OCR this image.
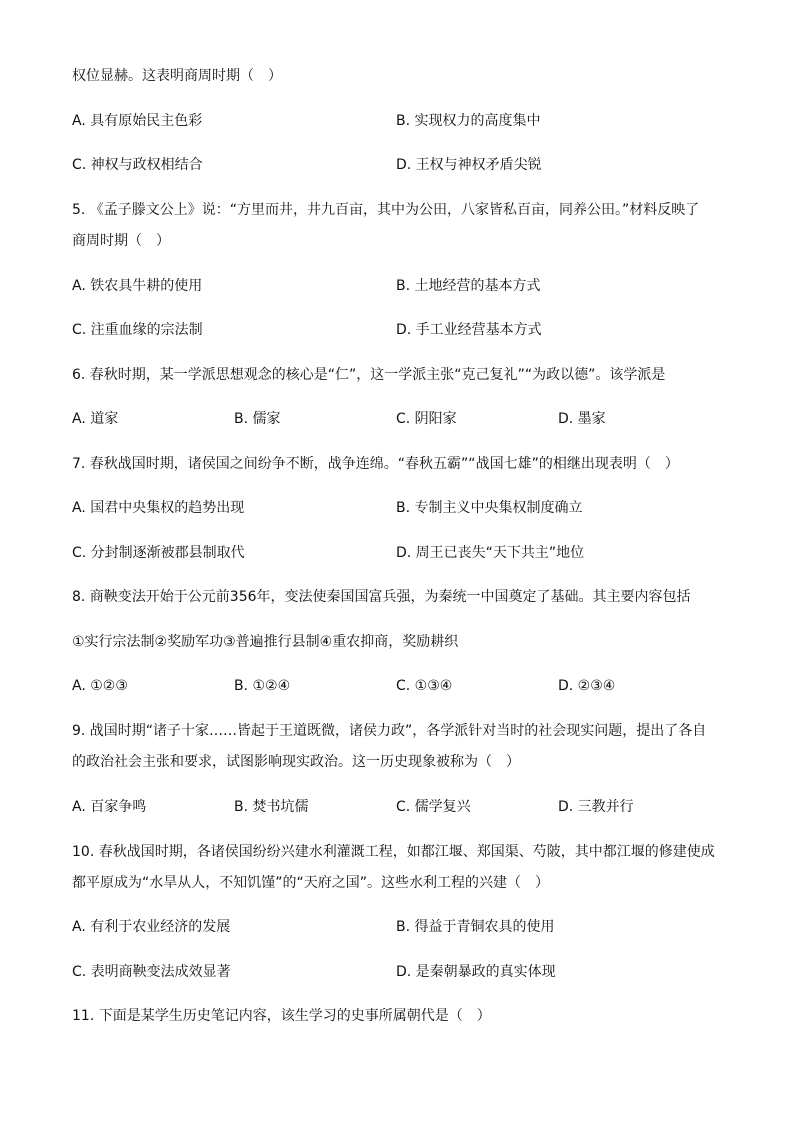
权位显赫。这表明商周时期（　）
A. 具有原始民主色彩	B. 实现权力的高度集中
C. 神权与政权相结合	D. 王权与神权矛盾尖锐
5. 《孟子滕文公上》说：“方里而井，井九百亩，其中为公田，八家皆私百亩，同养公田。”材料反映了
商周时期（　）
A. 铁农具牛耕的使用	B. 土地经营的基本方式
C. 注重血缘的宗法制	D. 手工业经营基本方式
6. 春秋时期，某一学派思想观念的核心是“仁”，这一学派主张“克己复礼”“为政以德”。该学派是
A. 道家	B. 儒家	C. 阴阳家	D. 墨家
7. 春秋战国时期，诸侯国之间纷争不断，战争连绵。“春秋五霸”“战国七雄”的相继出现表明（　）
A. 国君中央集权的趋势出现	B. 专制主义中央集权制度确立
C. 分封制逐渐被郡县制取代	D. 周王已丧失“天下共主”地位
8. 商鞅变法开始于公元前356年，变法使秦国国富兵强，为秦统一中国奠定了基础。其主要内容包括
①实行宗法制②奖励军功③普遍推行县制④重农抑商，奖励耕织
A. ①②③	B. ①②④	C. ①③④	D. ②③④
9. 战国时期“诸子十家……皆起于王道既微，诸侯力政”，各学派针对当时的社会现实问题，提出了各自
的政治社会主张和要求，试图影响现实政治。这一历史现象被称为（　）
A. 百家争鸣	B. 焚书坑儒	C. 儒学复兴	D. 三教并行
10. 春秋战国时期，各诸侯国纷纷兴建水利灌溉工程，如都江堰、郑国渠、芍陂，其中都江堰的修建使成
都平原成为“水旱从人，不知饥馑”的“天府之国”。这些水利工程的兴建（　）
A. 有利于农业经济的发展	B. 得益于青铜农具的使用
C. 表明商鞅变法成效显著	D. 是秦朝暴政的真实体现
11. 下面是某学生历史笔记内容，该生学习的史事所属朝代是（　）
